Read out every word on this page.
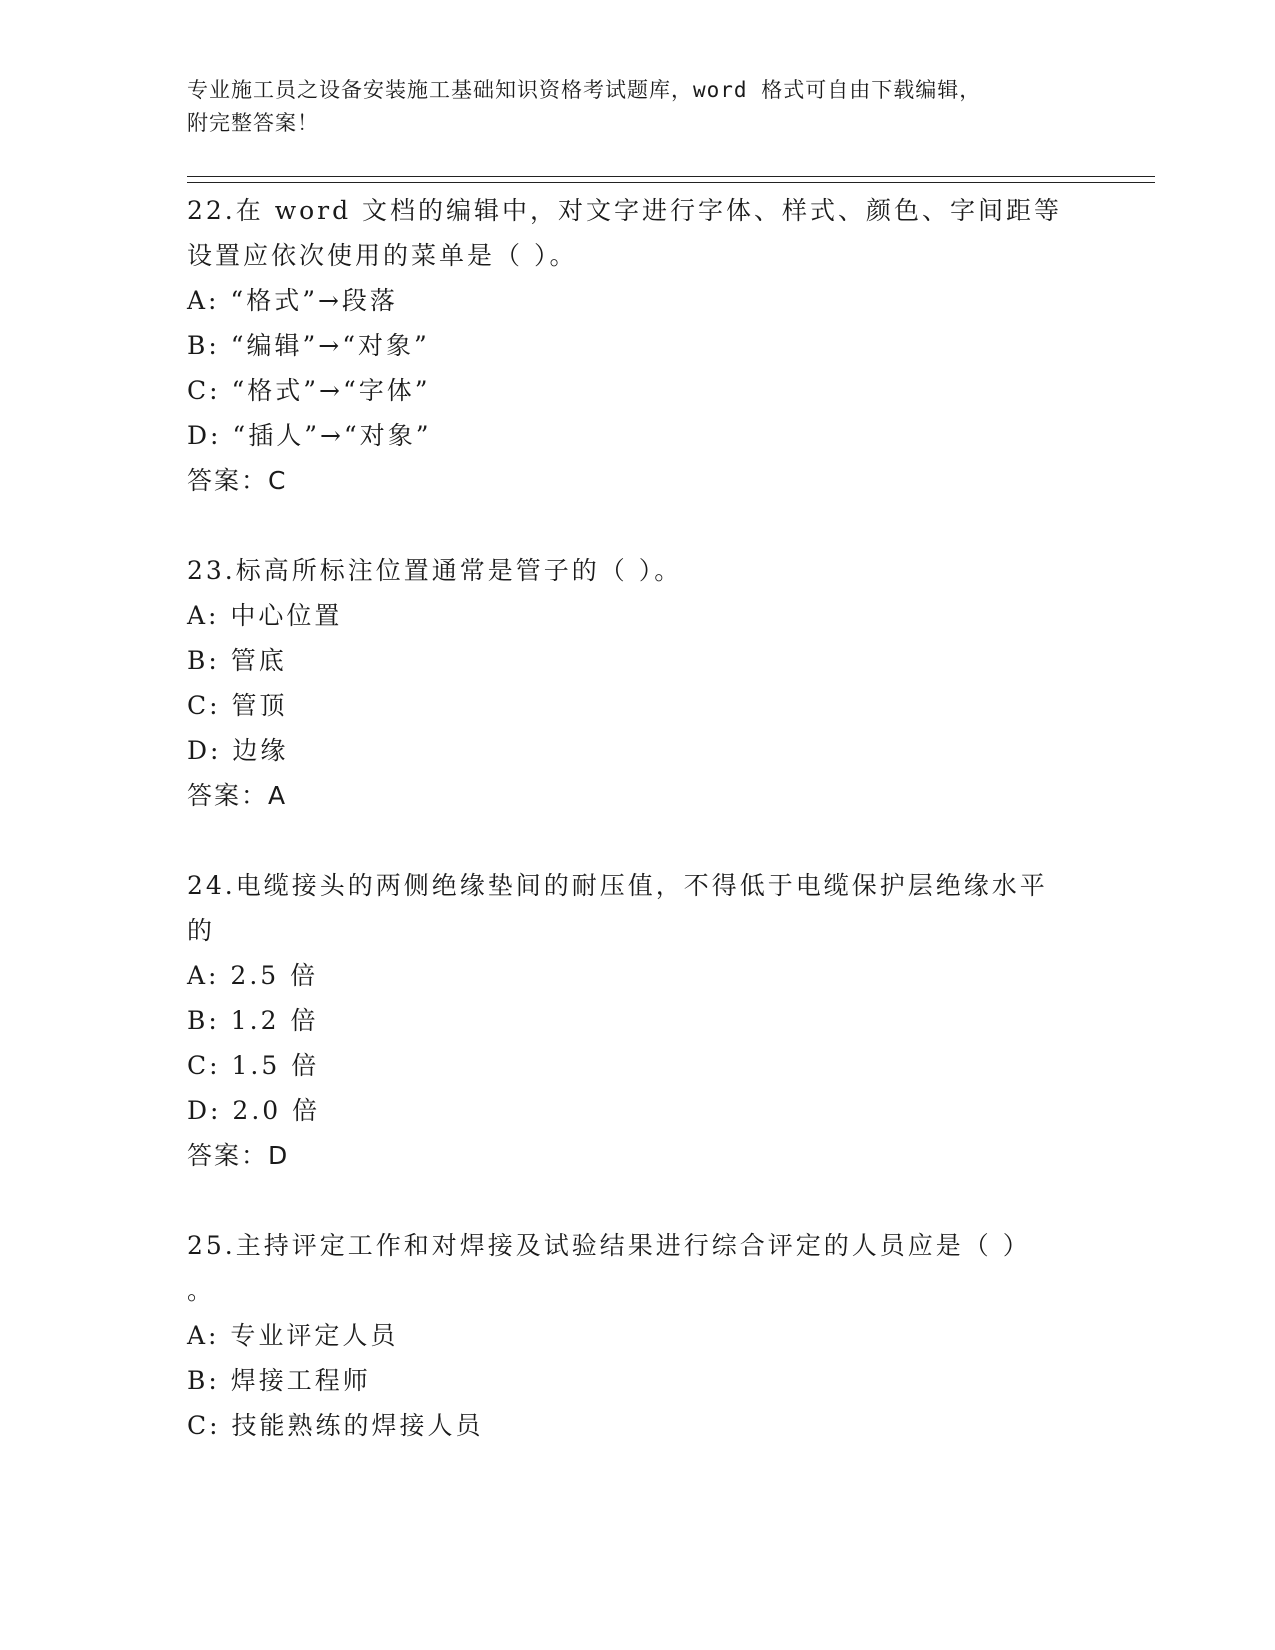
专业施工员之设备安装施工基础知识资格考试题库，word 格式可自由下载编辑，
附完整答案！
22.在 word 文档的编辑中，对文字进行字体、样式、颜色、字间距等
设置应依次使用的菜单是（ ）。
A: “格式”→段落
B: “编辑”→“对象”
C: “格式”→“字体”
D: “插人”→“对象”
答案：C
23.标高所标注位置通常是管子的（ ）。
A: 中心位置
B: 管底
C: 管顶
D: 边缘
答案：A
24.电缆接头的两侧绝缘垫间的耐压值，不得低于电缆保护层绝缘水平
的
A: 2.5 倍
B: 1.2 倍
C: 1.5 倍
D: 2.0 倍
答案：D
25.主持评定工作和对焊接及试验结果进行综合评定的人员应是（ ）
。
A: 专业评定人员
B: 焊接工程师
C: 技能熟练的焊接人员
